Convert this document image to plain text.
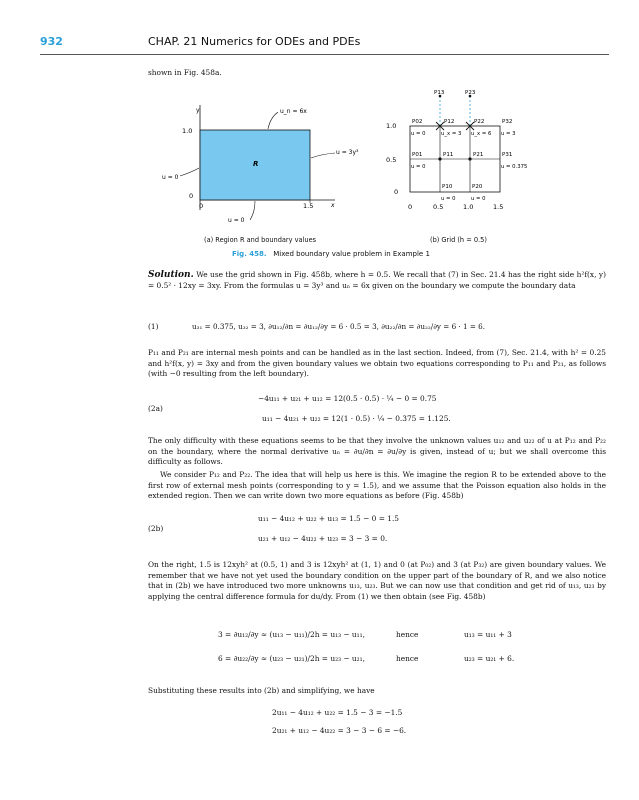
932	CHAP. 21 Numerics for ODEs and PDEs
shown in Fig. 458a.
y
x
1.0
0
0	1.5
R
u_n = 6x
u = 3y³
u = 0
u = 0
P13	P23
P02	P12	P22	P32
P01	P11	P21	P31
P10	P20
u = 0	u_x = 3 u_x = 6 u = 3
u = 0	u = 0.375
u = 0	u = 0
1.0
0.5
0
0	0.5	1.0	1.5
(a) Region R and boundary values	(b) Grid (h = 0.5)
Fig. 458. Mixed boundary value problem in Example 1
Solution. We use the grid shown in Fig. 458b, where h = 0.5. We recall that (7) in Sec. 21.4 has the right side h²f(x, y) = 0.5² · 12xy = 3xy. From the formulas u = 3y³ and uₙ = 6x given on the boundary we compute the boundary data
(1)	u₃₁ = 0.375, u₃₂ = 3, ∂u₁₂/∂n = ∂u₁₂/∂y = 6 · 0.5 = 3, ∂u₂₂/∂n = ∂u₂₂/∂y = 6 · 1 = 6.
P₁₁ and P₂₁ are internal mesh points and can be handled as in the last section. Indeed, from (7), Sec. 21.4, with h² = 0.25 and h²f(x, y) = 3xy and from the given boundary values we obtain two equations corresponding to P₁₁ and P₂₁, as follows (with −0 resulting from the left boundary).
(2a)
−4u₁₁ + u₂₁ + u₁₂ = 12(0.5 · 0.5) · ¼ − 0 = 0.75
u₁₁ − 4u₂₁ + u₂₂ = 12(1 · 0.5) · ¼ − 0.375 = 1.125.
The only difficulty with these equations seems to be that they involve the unknown values u₁₂ and u₂₂ of u at P₁₂ and P₂₂ on the boundary, where the normal derivative uₙ = ∂u/∂n = ∂u/∂y is given, instead of u; but we shall overcome this difficulty as follows.
We consider P₁₂ and P₂₂. The idea that will help us here is this. We imagine the region R to be extended above to the first row of external mesh points (corresponding to y = 1.5), and we assume that the Poisson equation also holds in the extended region. Then we can write down two more equations as before (Fig. 458b)
(2b)
u₁₁ − 4u₁₂ + u₂₂ + u₁₃ = 1.5 − 0 = 1.5
u₂₁ + u₁₂ − 4u₂₂ + u₂₃ = 3 − 3 = 0.
On the right, 1.5 is 12xyh² at (0.5, 1) and 3 is 12xyh² at (1, 1) and 0 (at P₀₂) and 3 (at P₃₂) are given boundary values. We remember that we have not yet used the boundary condition on the upper part of the boundary of R, and we also notice that in (2b) we have introduced two more unknowns u₁₃, u₂₃. But we can now use that condition and get rid of u₁₃, u₂₃ by applying the central difference formula for du/dy. From (1) we then obtain (see Fig. 458b)
3 = ∂u₁₂/∂y ≈ (u₁₃ − u₁₁)/2h = u₁₃ − u₁₁,	hence	u₁₃ = u₁₁ + 3
6 = ∂u₂₂/∂y ≈ (u₂₃ − u₂₁)/2h = u₂₃ − u₂₁,	hence	u₂₃ = u₂₁ + 6.
Substituting these results into (2b) and simplifying, we have
2u₁₁ − 4u₁₂ + u₂₂ = 1.5 − 3 = −1.5
2u₂₁ + u₁₂ − 4u₂₂ = 3 − 3 − 6 = −6.
